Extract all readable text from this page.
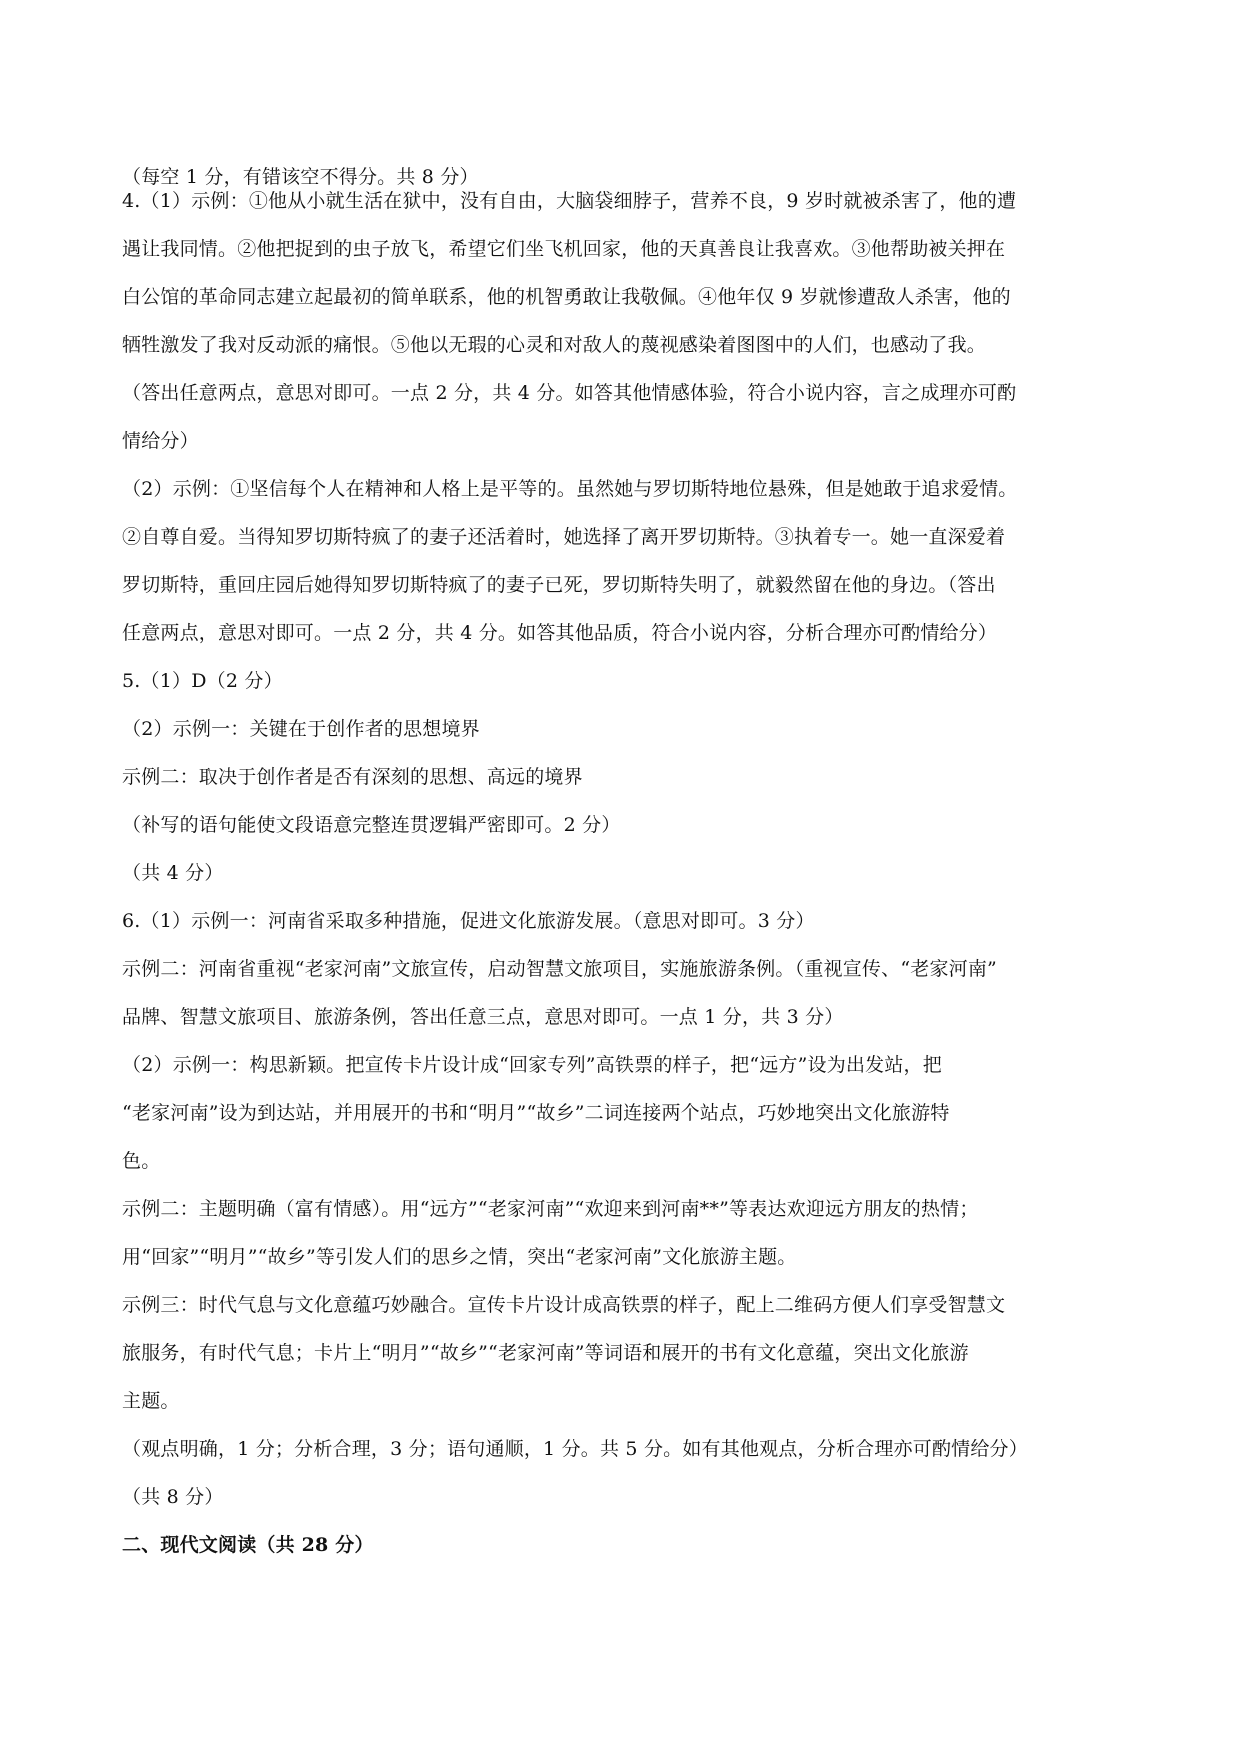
（每空 1 分，有错该空不得分。共 8 分）
4.（1）示例：①他从小就生活在狱中，没有自由，大脑袋细脖子，营养不良，9 岁时就被杀害了，他的遭
遇让我同情。②他把捉到的虫子放飞，希望它们坐飞机回家，他的天真善良让我喜欢。③他帮助被关押在
白公馆的革命同志建立起最初的简单联系，他的机智勇敢让我敬佩。④他年仅 9 岁就惨遭敌人杀害，他的
牺牲激发了我对反动派的痛恨。⑤他以无瑕的心灵和对敌人的蔑视感染着图图中的人们，也感动了我。
（答出任意两点，意思对即可。一点 2 分，共 4 分。如答其他情感体验，符合小说内容，言之成理亦可酌
情给分）
（2）示例：①坚信每个人在精神和人格上是平等的。虽然她与罗切斯特地位悬殊，但是她敢于追求爱情。
②自尊自爱。当得知罗切斯特疯了的妻子还活着时，她选择了离开罗切斯特。③执着专一。她一直深爱着
罗切斯特，重回庄园后她得知罗切斯特疯了的妻子已死，罗切斯特失明了，就毅然留在他的身边。（答出
任意两点，意思对即可。一点 2 分，共 4 分。如答其他品质，符合小说内容，分析合理亦可酌情给分）
5.（1）D（2 分）
（2）示例一：关键在于创作者的思想境界
示例二：取决于创作者是否有深刻的思想、高远的境界
（补写的语句能使文段语意完整连贯逻辑严密即可。2 分）
（共 4 分）
6.（1）示例一：河南省采取多种措施，促进文化旅游发展。（意思对即可。3 分）
示例二：河南省重视“老家河南”文旅宣传，启动智慧文旅项目，实施旅游条例。（重视宣传、“老家河南”
品牌、智慧文旅项目、旅游条例，答出任意三点，意思对即可。一点 1 分，共 3 分）
（2）示例一：构思新颖。把宣传卡片设计成“回家专列”高铁票的样子，把“远方”设为出发站，把
“老家河南”设为到达站，并用展开的书和“明月”“故乡”二词连接两个站点，巧妙地突出文化旅游特
色。
示例二：主题明确（富有情感）。用“远方”“老家河南”“欢迎来到河南**”等表达欢迎远方朋友的热情；
用“回家”“明月”“故乡”等引发人们的思乡之情，突出“老家河南”文化旅游主题。
示例三：时代气息与文化意蕴巧妙融合。宣传卡片设计成高铁票的样子，配上二维码方便人们享受智慧文
旅服务，有时代气息；卡片上“明月”“故乡”“老家河南”等词语和展开的书有文化意蕴，突出文化旅游
主题。
（观点明确，1 分；分析合理，3 分；语句通顺，1 分。共 5 分。如有其他观点，分析合理亦可酌情给分）
（共 8 分）
二、现代文阅读（共 28 分）
